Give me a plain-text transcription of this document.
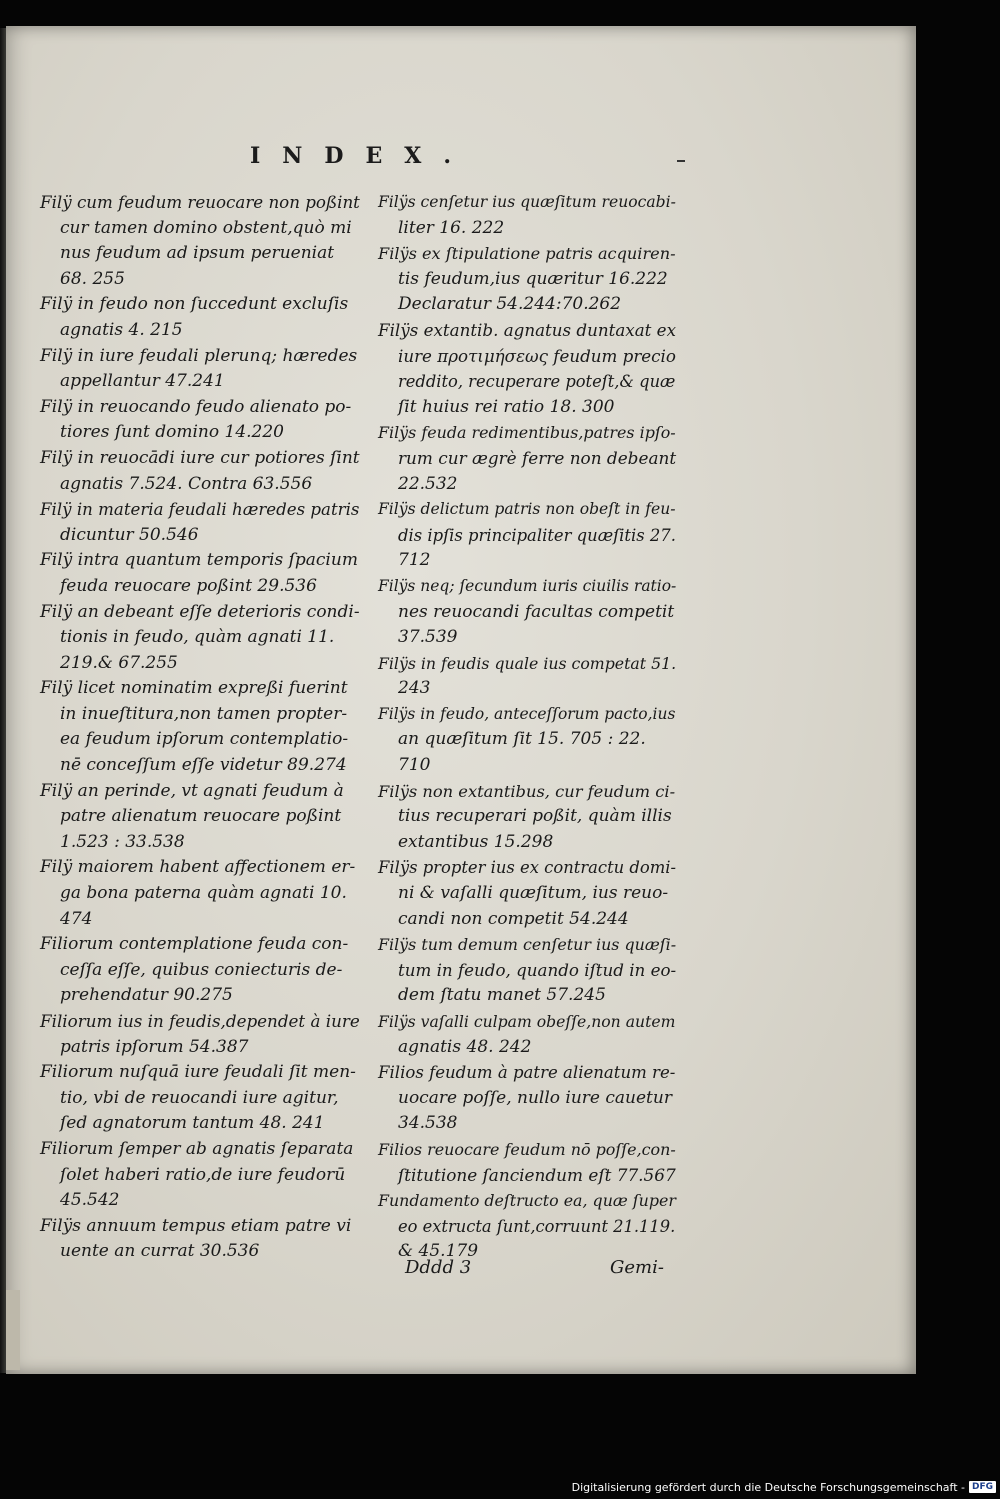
INDEX.
Filÿ cum feudum reuocare non poßint
cur tamen domino obstent,quò mi
nus feudum ad ipsum perueniat
68. 255
Filÿ in feudo non ſuccedunt excluſis
agnatis 4. 215
Filÿ in iure feudali plerunq; hæredes
appellantur 47.241
Filÿ in reuocando feudo alienato po-
tiores ſunt domino 14.220
Filÿ in reuocādi iure cur potiores ſint
agnatis 7.524. Contra 63.556
Filÿ in materia feudali hæredes patris
dicuntur 50.546
Filÿ intra quantum temporis ſpacium
feuda reuocare poßint 29.536
Filÿ an debeant eſſe deterioris condi-
tionis in feudo, quàm agnati 11.
219.& 67.255
Filÿ licet nominatim expreßi fuerint
in inueſtitura,non tamen propter-
ea feudum ipſorum contemplatio-
nē conceſſum eſſe videtur 89.274
Filÿ an perinde, vt agnati feudum à
patre alienatum reuocare poßint
1.523 : 33.538
Filÿ maiorem habent affectionem er-
ga bona paterna quàm agnati 10.
474
Filiorum contemplatione feuda con-
ceſſa eſſe, quibus coniecturis de-
prehendatur 90.275
Filiorum ius in feudis,dependet à iure
patris ipſorum 54.387
Filiorum nuſquā iure feudali ſit men-
tio, vbi de reuocandi iure agitur,
ſed agnatorum tantum 48. 241
Filiorum ſemper ab agnatis ſeparata
ſolet haberi ratio,de iure feudorū
45.542
Filÿs annuum tempus etiam patre vi
uente an currat 30.536
Filÿs cenſetur ius quæſitum reuocabi-
liter 16. 222
Filÿs ex ſtipulatione patris acquiren-
tis feudum,ius quæritur 16.222
Declaratur 54.244:70.262
Filÿs extantib. agnatus duntaxat ex
iure προτιμήσεως feudum precio
reddito, recuperare poteſt,& quæ
ſit huius rei ratio 18. 300
Filÿs feuda redimentibus,patres ipſo-
rum cur ægrè ferre non debeant
22.532
Filÿs delictum patris non obeſt in feu-
dis ipſis principaliter quæſitis 27.
712
Filÿs neq; ſecundum iuris ciuilis ratio-
nes reuocandi facultas competit
37.539
Filÿs in feudis quale ius competat 51.
243
Filÿs in feudo, anteceſſorum pacto,ius
an quæſitum ſit 15. 705 : 22.
710
Filÿs non extantibus, cur feudum ci-
tius recuperari poßit, quàm illis
extantibus 15.298
Filÿs propter ius ex contractu domi-
ni & vaſalli quæſitum, ius reuo-
candi non competit 54.244
Filÿs tum demum cenſetur ius quæſi-
tum in feudo, quando iſtud in eo-
dem ſtatu manet 57.245
Filÿs vaſalli culpam obeſſe,non autem
agnatis 48. 242
Filios feudum à patre alienatum re-
uocare poſſe, nullo iure cauetur
34.538
Filios reuocare feudum nō poſſe,con-
ſtitutione ſanciendum eſt 77.567
Fundamento deſtructo ea, quæ ſuper
eo extructa ſunt,corruunt 21.119.
& 45.179
Dddd 3	Gemi-
Digitalisierung gefördert durch die Deutsche Forschungsgemeinschaft - DFG
